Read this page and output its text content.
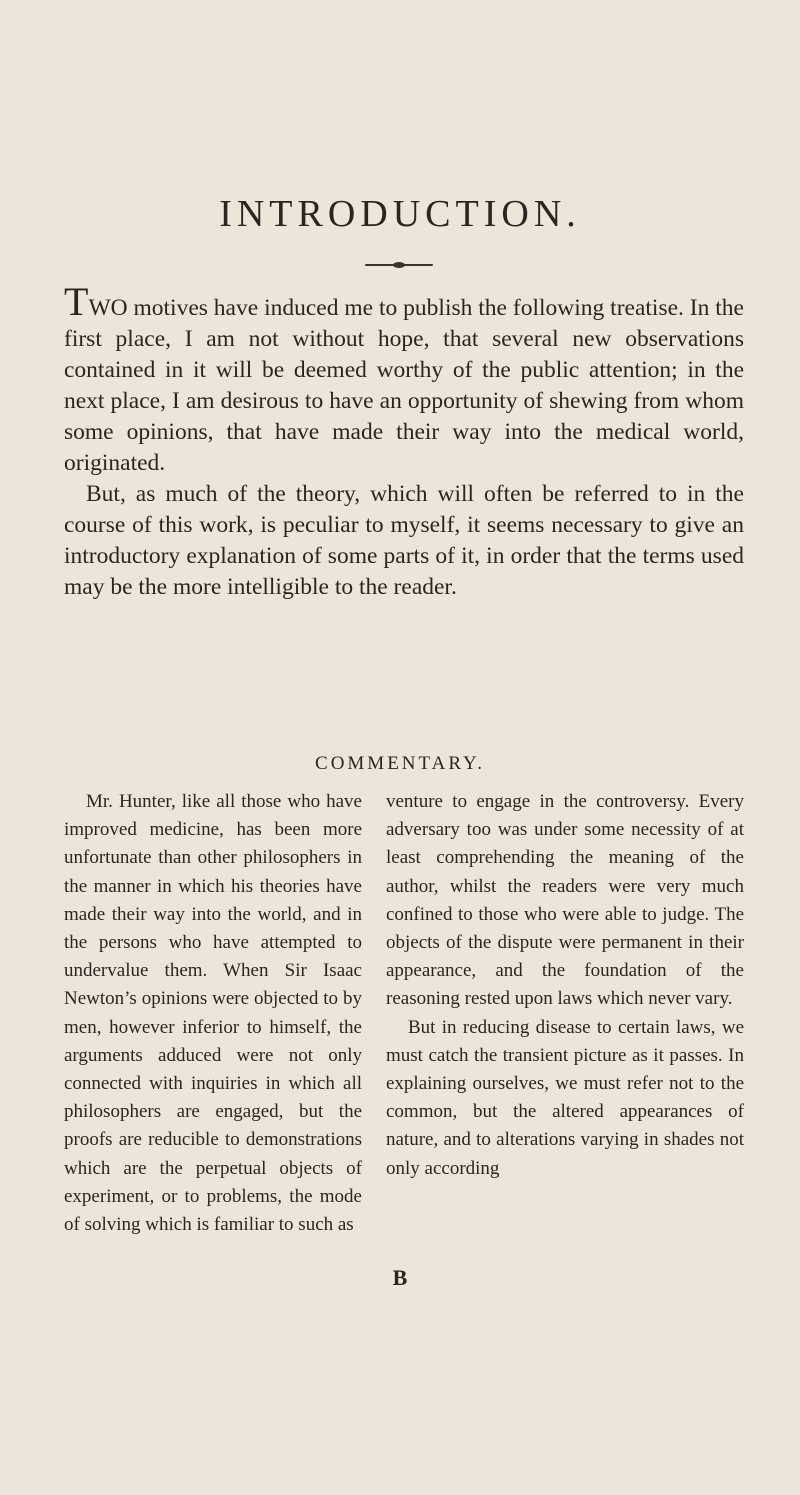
INTRODUCTION.

TWO motives have induced me to publish the following treatise. In the first place, I am not without hope, that several new observations contained in it will be deemed worthy of the public attention; in the next place, I am desirous to have an opportunity of shewing from whom some opinions, that have made their way into the medical world, originated.

But, as much of the theory, which will often be referred to in the course of this work, is peculiar to myself, it seems necessary to give an introductory explanation of some parts of it, in order that the terms used may be the more intelligible to the reader.

COMMENTARY.

Mr. Hunter, like all those who have improved medicine, has been more unfortunate than other philosophers in the manner in which his theories have made their way into the world, and in the persons who have attempted to undervalue them. When Sir Isaac Newton’s opinions were objected to by men, however inferior to himself, the arguments adduced were not only connected with inquiries in which all philosophers are engaged, but the proofs are reducible to demonstrations which are the perpetual objects of experiment, or to problems, the mode of solving which is familiar to such as

venture to engage in the controversy. Every adversary too was under some necessity of at least comprehending the meaning of the author, whilst the readers were very much confined to those who were able to judge. The objects of the dispute were permanent in their appearance, and the foundation of the reasoning rested upon laws which never vary.

But in reducing disease to certain laws, we must catch the transient picture as it passes. In explaining ourselves, we must refer not to the common, but the altered appearances of nature, and to alterations varying in shades not only according

B
